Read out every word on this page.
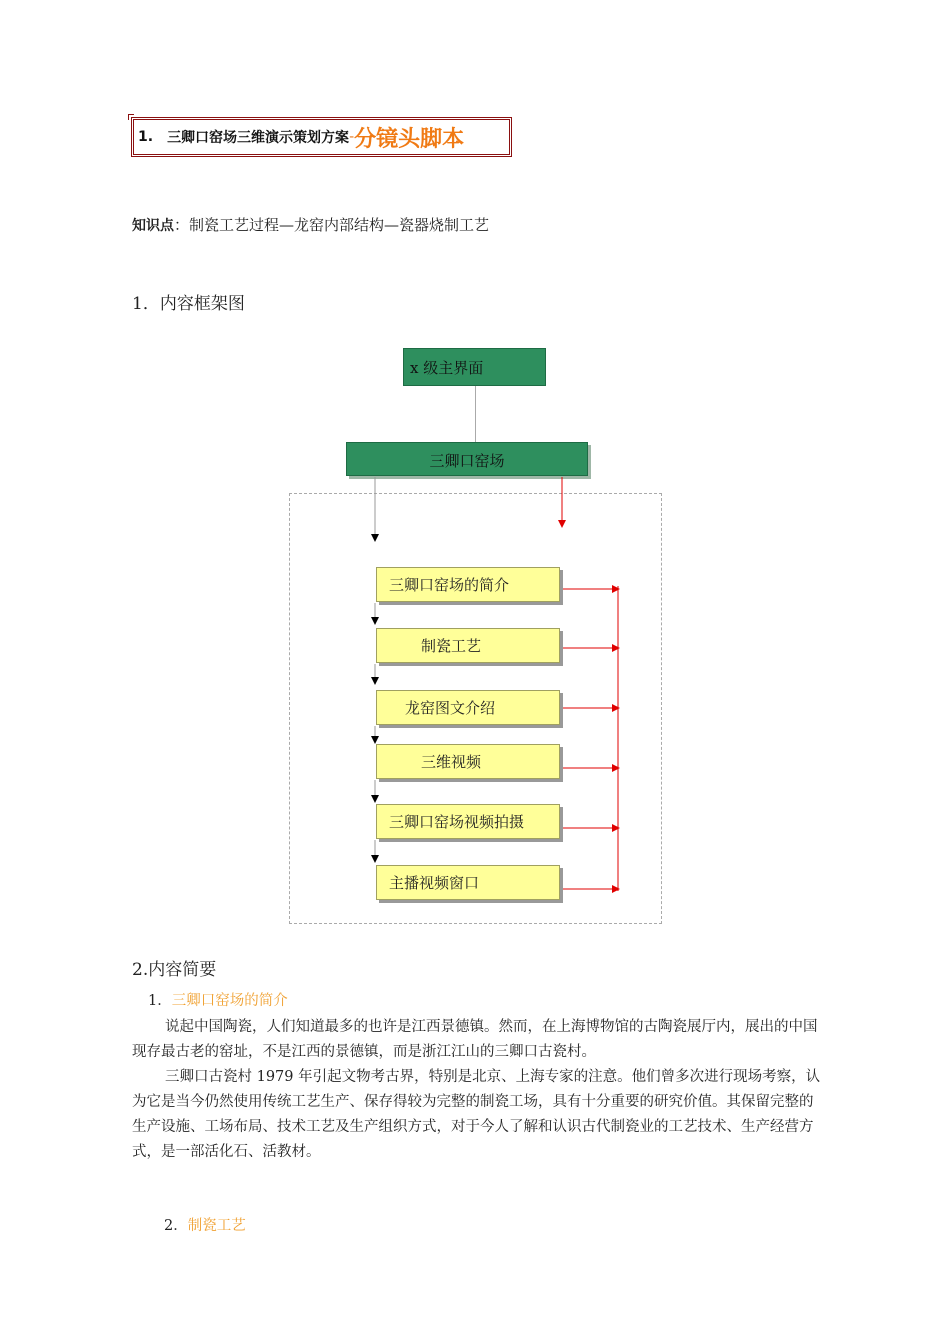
1. 三卿口窑场三维演示策划方案 - 分镜头脚本
知识点：制瓷工艺过程—龙窑内部结构—瓷器烧制工艺
1．内容框架图
x 级主界面
三卿口窑场
三卿口窑场的简介
制瓷工艺
龙窑图文介绍
三维视频
三卿口窑场视频拍摄
主播视频窗口
2.内容简要
1．三卿口窑场的简介
说起中国陶瓷，人们知道最多的也许是江西景德镇。然而，在上海博物馆的古陶瓷展厅内，展出的中国现存最古老的窑址，不是江西的景德镇，而是浙江江山的三卿口古瓷村。
三卿口古瓷村 1979 年引起文物考古界，特别是北京、上海专家的注意。他们曾多次进行现场考察，认为它是当今仍然使用传统工艺生产、保存得较为完整的制瓷工场，具有十分重要的研究价值。其保留完整的生产设施、工场布局、技术工艺及生产组织方式，对于今人了解和认识古代制瓷业的工艺技术、生产经营方式，是一部活化石、活教材。
2．制瓷工艺
